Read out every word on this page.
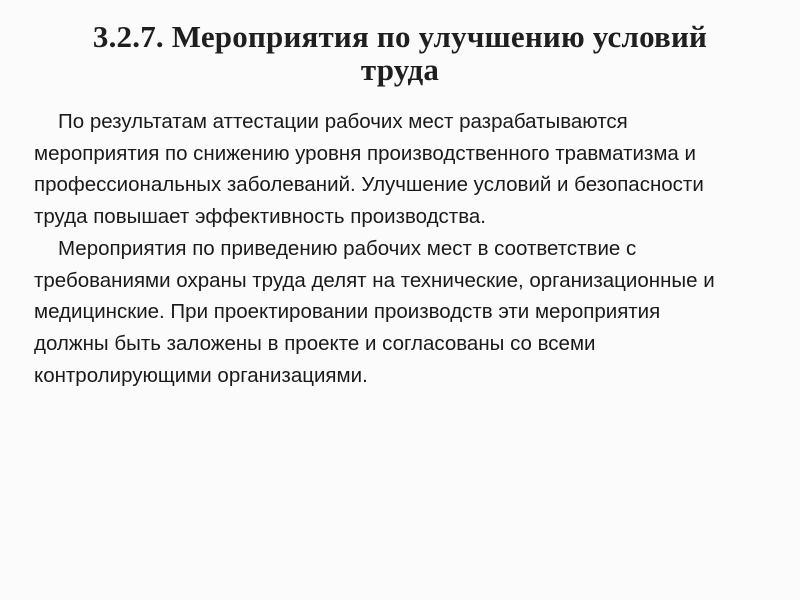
3.2.7. Мероприятия по улучшению условий
труда

По результатам аттестации рабочих мест разрабатываются
мероприятия по снижению уровня производственного травматизма и
профессиональных заболеваний. Улучшение условий и безопасности
труда повышает эффективность производства.

Мероприятия по приведению рабочих мест в соответствие с
требованиями охраны труда делят на технические, организационные и
медицинские. При проектировании производств эти мероприятия
должны быть заложены в проекте и согласованы со всеми
контролирующими организациями.
